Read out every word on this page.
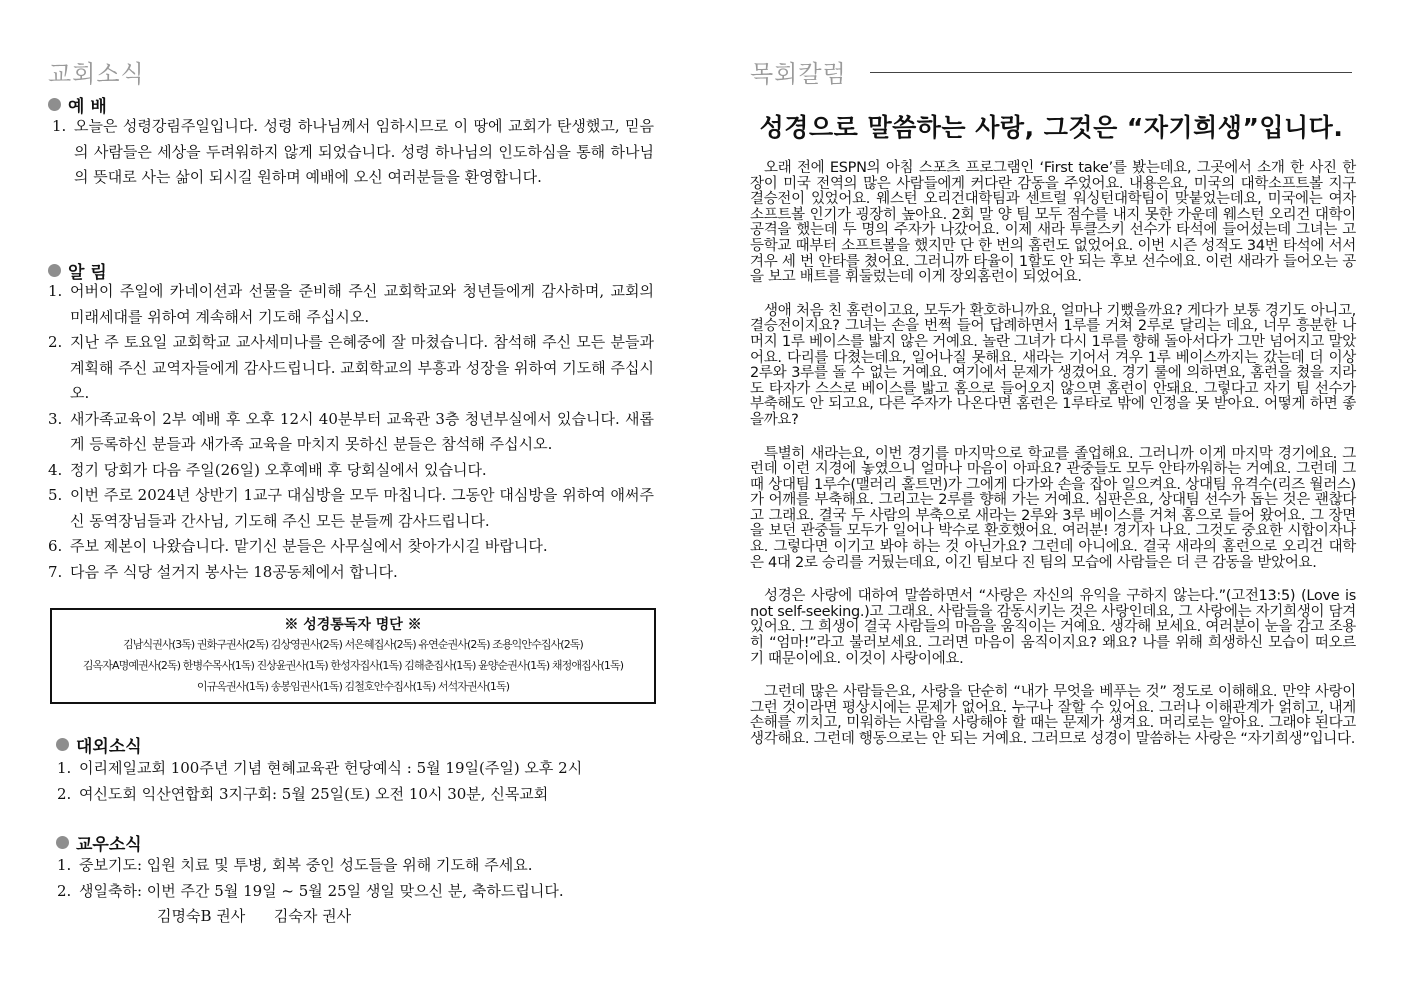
교회소식
예 배
1. 오늘은 성령강림주일입니다. 성령 하나님께서 임하시므로 이 땅에 교회가 탄생했고, 믿음의 사람들은 세상을 두려워하지 않게 되었습니다. 성령 하나님의 인도하심을 통해 하나님의 뜻대로 사는 삶이 되시길 원하며 예배에 오신 여러분들을 환영합니다.
알 림
1. 어버이 주일에 카네이션과 선물을 준비해 주신 교회학교와 청년들에게 감사하며, 교회의 미래세대를 위하여 계속해서 기도해 주십시오.
2. 지난 주 토요일 교회학교 교사세미나를 은혜중에 잘 마쳤습니다. 참석해 주신 모든 분들과 계획해 주신 교역자들에게 감사드립니다. 교회학교의 부흥과 성장을 위하여 기도해 주십시오.
3. 새가족교육이 2부 예배 후 오후 12시 40분부터 교육관 3층 청년부실에서 있습니다. 새롭게 등록하신 분들과 새가족 교육을 마치지 못하신 분들은 참석해 주십시오.
4. 정기 당회가 다음 주일(26일) 오후예배 후 당회실에서 있습니다.
5. 이번 주로 2024년 상반기 1교구 대심방을 모두 마칩니다. 그동안 대심방을 위하여 애써주신 동역장님들과 간사님, 기도해 주신 모든 분들께 감사드립니다.
6. 주보 제본이 나왔습니다. 맡기신 분들은 사무실에서 찾아가시길 바랍니다.
7. 다음 주 식당 설거지 봉사는 18공동체에서 합니다.
※ 성경통독자 명단 ※
김남식권사(3독) 권화구권사(2독) 김상영권사(2독) 서은혜집사(2독) 유연순권사(2독) 조용익안수집사(2독)
김옥자A명예권사(2독) 한병수목사(1독) 진상윤권사(1독) 한성자집사(1독) 김해춘집사(1독) 윤양순권사(1독) 채정애집사(1독)
이규옥권사(1독) 송봉임권사(1독) 김철호안수집사(1독) 서석자권사(1독)
대외소식
1. 이리제일교회 100주년 기념 현혜교육관 헌당예식 : 5월 19일(주일) 오후 2시
2. 여신도회 익산연합회 3지구회: 5월 25일(토) 오전 10시 30분, 신목교회
교우소식
1. 중보기도: 입원 치료 및 투병, 회복 중인 성도들을 위해 기도해 주세요.
2. 생일축하: 이번 주간 5월 19일 ~ 5월 25일 생일 맞으신 분, 축하드립니다.
김명숙B 권사      김숙자 권사
목회칼럼
성경으로 말씀하는 사랑, 그것은 “자기희생”입니다.

오래 전에 ESPN의 아침 스포츠 프로그램인 ‘First take’를 봤는데요, 그곳에서 소개 한 사진 한 장이 미국 전역의 많은 사람들에게 커다란 감동을 주었어요. 내용은요, 미국의 대학소프트볼 지구 결승전이 있었어요. 웨스턴 오리건대학팀과 센트럴 워싱턴대학팀이 맞붙었는데요, 미국에는 여자 소프트볼 인기가 굉장히 높아요. 2회 말 양 팀 모두 점수를 내지 못한 가운데 웨스턴 오리건 대학이 공격을 했는데 두 명의 주자가 나갔어요. 이제 새라 투클스키 선수가 타석에 들어섰는데 그녀는 고등학교 때부터 소프트볼을 했지만 단 한 번의 홈런도 없었어요. 이번 시즌 성적도 34번 타석에 서서 겨우 세 번 안타를 쳤어요. 그러니까 타율이 1할도 안 되는 후보 선수에요. 이런 새라가 들어오는 공을 보고 배트를 휘둘렀는데 이게 장외홈런이 되었어요.

생애 처음 친 홈런이고요, 모두가 환호하니까요, 얼마나 기뻤을까요? 게다가 보통 경기도 아니고, 결승전이지요? 그녀는 손을 번쩍 들어 답례하면서 1루를 거쳐 2루로 달리는 데요, 너무 흥분한 나머지 1루 베이스를 밟지 않은 거예요. 놀란 그녀가 다시 1루를 향해 돌아서다가 그만 넘어지고 말았어요. 다리를 다쳤는데요, 일어나질 못해요. 새라는 기어서 겨우 1루 베이스까지는 갔는데 더 이상 2루와 3루를 돌 수 없는 거예요. 여기에서 문제가 생겼어요. 경기 룰에 의하면요, 홈런을 쳤을 지라도 타자가 스스로 베이스를 밟고 홈으로 들어오지 않으면 홈런이 안돼요. 그렇다고 자기 팀 선수가 부축해도 안 되고요, 다른 주자가 나온다면 홈런은 1루타로 밖에 인정을 못 받아요. 어떻게 하면 좋을까요?

특별히 새라는요, 이번 경기를 마지막으로 학교를 졸업해요. 그러니까 이게 마지막 경기에요. 그런데 이런 지경에 놓였으니 얼마나 마음이 아파요? 관중들도 모두 안타까워하는 거예요. 그런데 그 때 상대팀 1루수(맬러리 홀트먼)가 그에게 다가와 손을 잡아 일으켜요. 상대팀 유격수(리즈 월러스)가 어깨를 부축해요. 그리고는 2루를 향해 가는 거예요. 심판은요, 상대팀 선수가 돕는 것은 괜찮다고 그래요. 결국 두 사람의 부축으로 새라는 2루와 3루 베이스를 거쳐 홈으로 들어 왔어요. 그 장면을 보던 관중들 모두가 일어나 박수로 환호했어요. 여러분! 경기자 나요. 그것도 중요한 시합이자나요. 그렇다면 이기고 봐야 하는 것 아닌가요? 그런데 아니에요. 결국 새라의 홈런으로 오리건 대학은 4대 2로 승리를 거뒀는데요, 이긴 팀보다 진 팀의 모습에 사람들은 더 큰 감동을 받았어요.

성경은 사랑에 대하여 말씀하면서 “사랑은 자신의 유익을 구하지 않는다.”(고전13:5) (Love is not self-seeking.)고 그래요. 사람들을 감동시키는 것은 사랑인데요, 그 사랑에는 자기희생이 담겨 있어요. 그 희생이 결국 사람들의 마음을 움직이는 거예요. 생각해 보세요. 여러분이 눈을 감고 조용히 “엄마!”라고 불러보세요. 그러면 마음이 움직이지요? 왜요? 나를 위해 희생하신 모습이 떠오르기 때문이에요. 이것이 사랑이에요.

그런데 많은 사람들은요, 사랑을 단순히 “내가 무엇을 베푸는 것” 정도로 이해해요. 만약 사랑이 그런 것이라면 평상시에는 문제가 없어요. 누구나 잘할 수 있어요. 그러나 이해관계가 얽히고, 내게 손해를 끼치고, 미워하는 사람을 사랑해야 할 때는 문제가 생겨요. 머리로는 알아요. 그래야 된다고 생각해요. 그런데 행동으로는 안 되는 거예요. 그러므로 성경이 말씀하는 사랑은 “자기희생”입니다.
